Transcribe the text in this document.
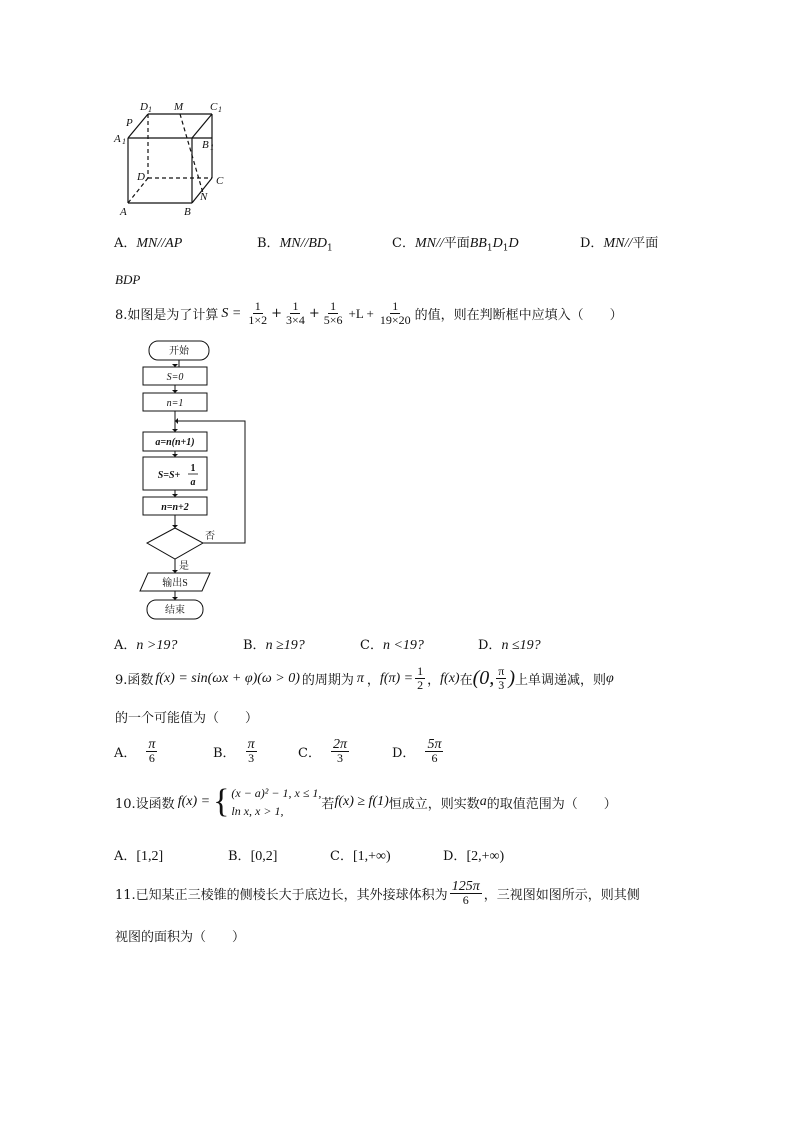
D 1 M C 1
P
A 1	B 1
D	C
N
A	B
A．MN//AP	B．$MN//BD_1$	C．MN//平面$BB_1D_1D$	D．MN//平面
BDP
8.如图是为了计算 $S = \frac{1}{1\times 2} + \frac{1}{3\times 4} + \frac{1}{5\times 6} +L + \frac{1}{19\times 20}$ 的值，则在判断框中应填入（　　）
开始
S=0
n=1
a=n(n+1)
S=S+
1
a
n=n+2
否
是
输出S
结束
A．n >19?	B．n ≥19?	C．n <19?	D．n ≤19?
9.函数 f(x) = sin(ωx + φ)(ω > 0) 的周期为 π ， $f(\pi) = \frac{1}{2}$ ， f(x) 在 (0, $\frac{\pi}{3}$ ) 上单调递减，则 φ
的一个可能值为（　　）
A． $\frac{\pi}{6}$	B． $\frac{\pi}{3}$	C． $\frac{2\pi}{3}$	D． $\frac{5\pi}{6}$
10.设函数 f(x) = { (x − a)² − 1, x ≤ 1,
ln x, x > 1,	若 f(x) ≥ f(1) 恒成立，则实数 a 的取值范围为（　　）
A．[1,2]	B．[0,2]	C．[1,+∞)	D．[2,+∞)
11.已知某正三棱锥的侧棱长大于底边长，其外接球体积为 $\frac{125\pi}{6}$ ，三视图如图所示，则其侧
视图的面积为（　　）
